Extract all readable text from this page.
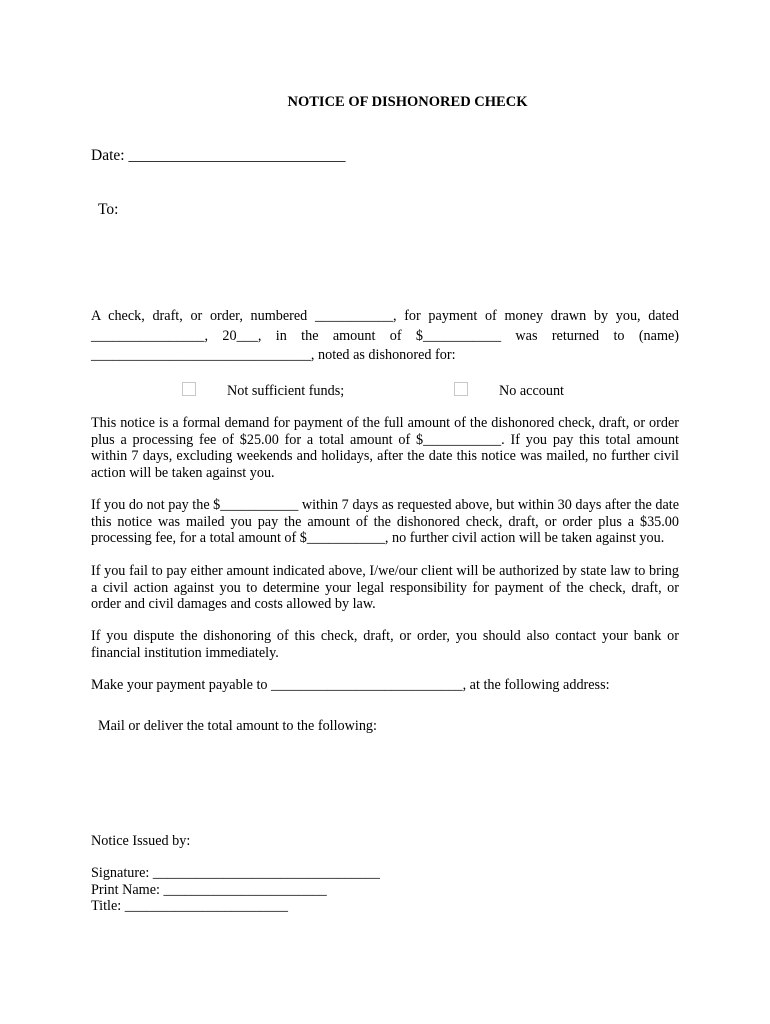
NOTICE OF DISHONORED CHECK
Date: ____________________________
To:
A check, draft, or order, numbered ___________, for payment of money drawn by you, dated
________________, 20___, in the amount of $___________ was returned to (name)
_______________________________, noted as dishonored for:
Not sufficient funds;	No account
This notice is a formal demand for payment of the full amount of the dishonored check, draft, or order plus a processing fee of $25.00 for a total amount of $___________. If you pay this total amount within 7 days, excluding weekends and holidays, after the date this notice was mailed, no further civil action will be taken against you.
If you do not pay the $___________ within 7 days as requested above, but within 30 days after the date this notice was mailed you pay the amount of the dishonored check, draft, or order plus a $35.00 processing fee, for a total amount of $___________, no further civil action will be taken against you.
If you fail to pay either amount indicated above, I/we/our client will be authorized by state law to bring a civil action against you to determine your legal responsibility for payment of the check, draft, or order and civil damages and costs allowed by law.
If you dispute the dishonoring of this check, draft, or order, you should also contact your bank or financial institution immediately.
Make your payment payable to ___________________________, at the following address:
Mail or deliver the total amount to the following:
Notice Issued by:
Signature: ________________________________
Print Name: _______________________
Title: _______________________
